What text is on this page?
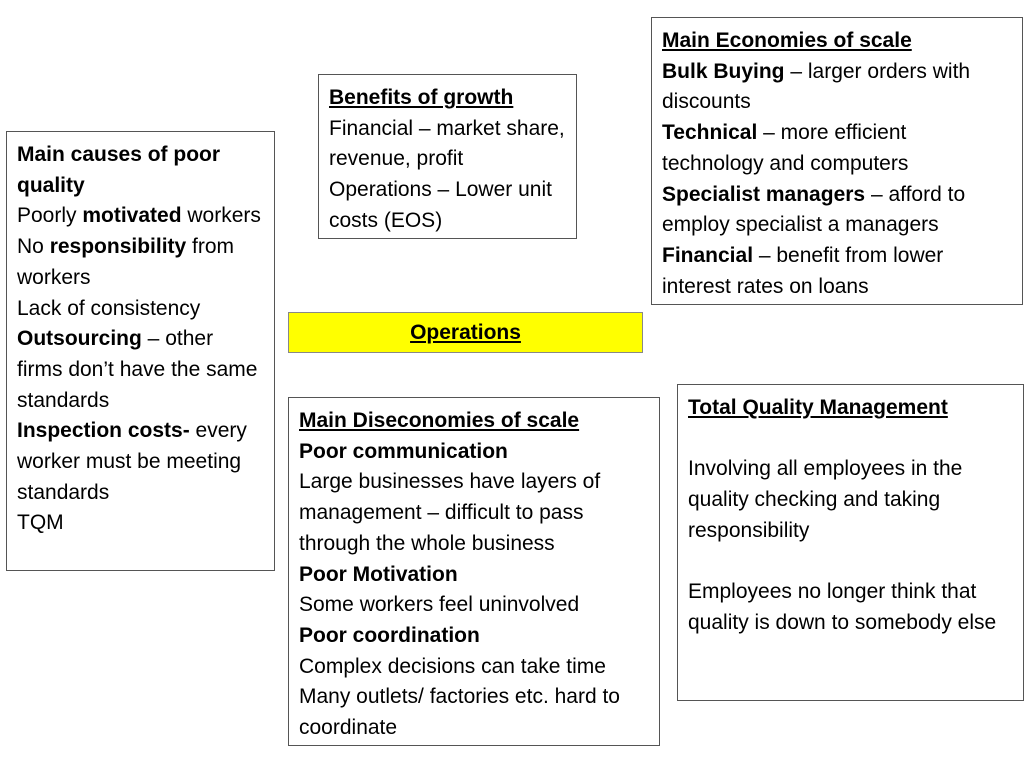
Main causes of poor quality

Poorly motivated workers

No responsibility from workers

Lack of consistency

Outsourcing – other firms don’t have the same standards

Inspection costs- every worker must be meeting standards

TQM

Benefits of growth

Financial – market share, revenue, profit

Operations – Lower unit costs (EOS)

Main Economies of scale

Bulk Buying – larger orders with discounts

Technical – more efficient technology and computers

Specialist managers – afford to employ specialist a managers

Financial – benefit from lower interest rates on loans

Operations

Main Diseconomies of scale

Poor communication

Large businesses have layers of management – difficult to pass through the whole business

Poor Motivation

Some workers feel uninvolved

Poor coordination

Complex decisions can take time

Many outlets/ factories etc. hard to coordinate

Total Quality Management

Involving all employees in the quality checking and taking responsibility

Employees no longer think that quality is down to somebody else
